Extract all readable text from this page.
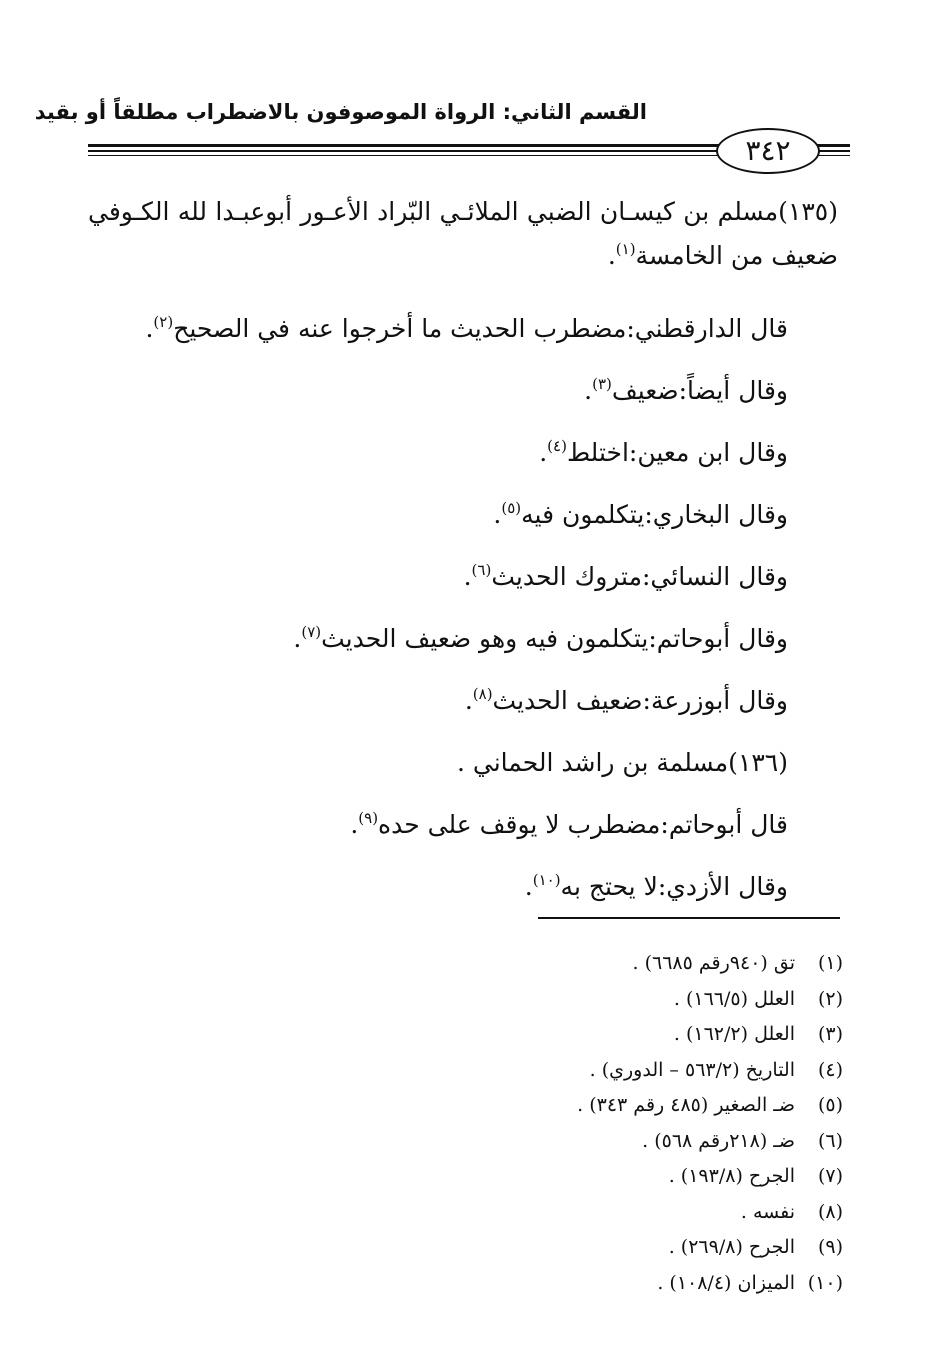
القسم الثاني: الرواة الموصوفون بالاضطراب مطلقاً أو بقيد
٣٤٢

(١٣٥)مسلم بن كيسـان الضبي الملائـي البّراد الأعـور أبوعبـدا لله الكـوفي ضعيف من الخامسة$^{(١)}$.

قال الدارقطني:مضطرب الحديث ما أخرجوا عنه في الصحيح$^{(٢)}$.

وقال أيضاً:ضعيف$^{(٣)}$.

وقال ابن معين:اختلط$^{(٤)}$.

وقال البخاري:يتكلمون فيه$^{(٥)}$.

وقال النسائي:متروك الحديث$^{(٦)}$.

وقال أبوحاتم:يتكلمون فيه وهو ضعيف الحديث$^{(٧)}$.

وقال أبوزرعة:ضعيف الحديث$^{(٨)}$.

(١٣٦)مسلمة بن راشد الحماني .

قال أبوحاتم:مضطرب لا يوقف على حده$^{(٩)}$.

وقال الأزدي:لا يحتج به$^{(١٠)}$.

(١)تق (٩٤٠رقم ٦٦٨٥) .
(٢)العلل (١٦٦/٥) .
(٣)العلل (١٦٢/٢) .
(٤)التاريخ (٥٦٣/٢ – الدوري) .
(٥)ضـ الصغير (٤٨٥ رقم ٣٤٣) .
(٦)ضـ (٢١٨رقم ٥٦٨) .
(٧)الجرح (١٩٣/٨) .
(٨)نفسه .
(٩)الجرح (٢٦٩/٨) .
(١٠)الميزان (١٠٨/٤) .
